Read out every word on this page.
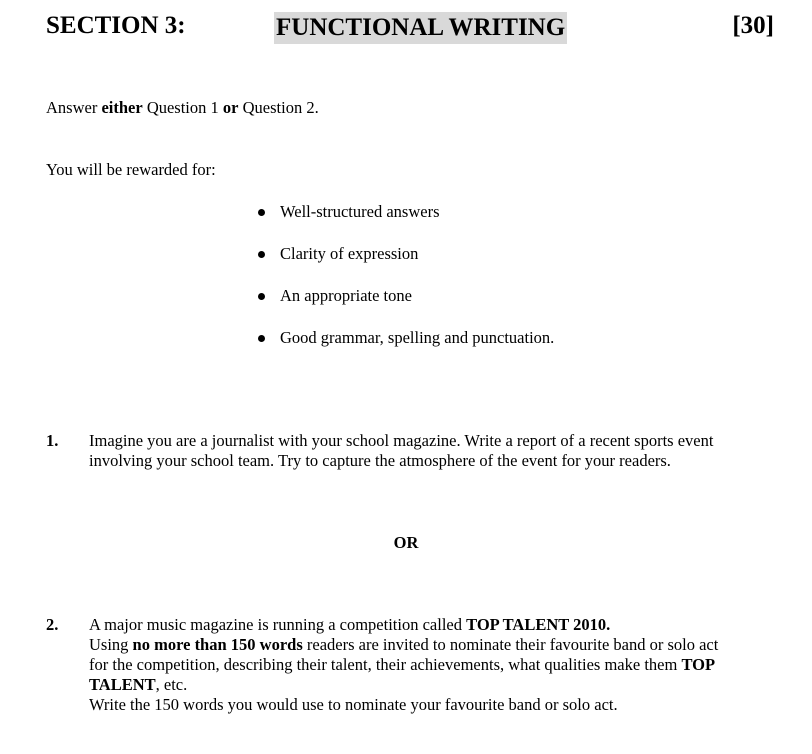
SECTION 3:	FUNCTIONAL WRITING	[30]
Answer either Question 1 or Question 2.
You will be rewarded for:
Well-structured answers
Clarity of expression
An appropriate tone
Good grammar, spelling and punctuation.
1. Imagine you are a journalist with your school magazine. Write a report of a recent sports event
involving your school team. Try to capture the atmosphere of the event for your readers.
OR
2. A major music magazine is running a competition called TOP TALENT 2010.
Using no more than 150 words readers are invited to nominate their favourite band or solo act
for the competition, describing their talent, their achievements, what qualities make them TOP
TALENT, etc.
Write the 150 words you would use to nominate your favourite band or solo act.
